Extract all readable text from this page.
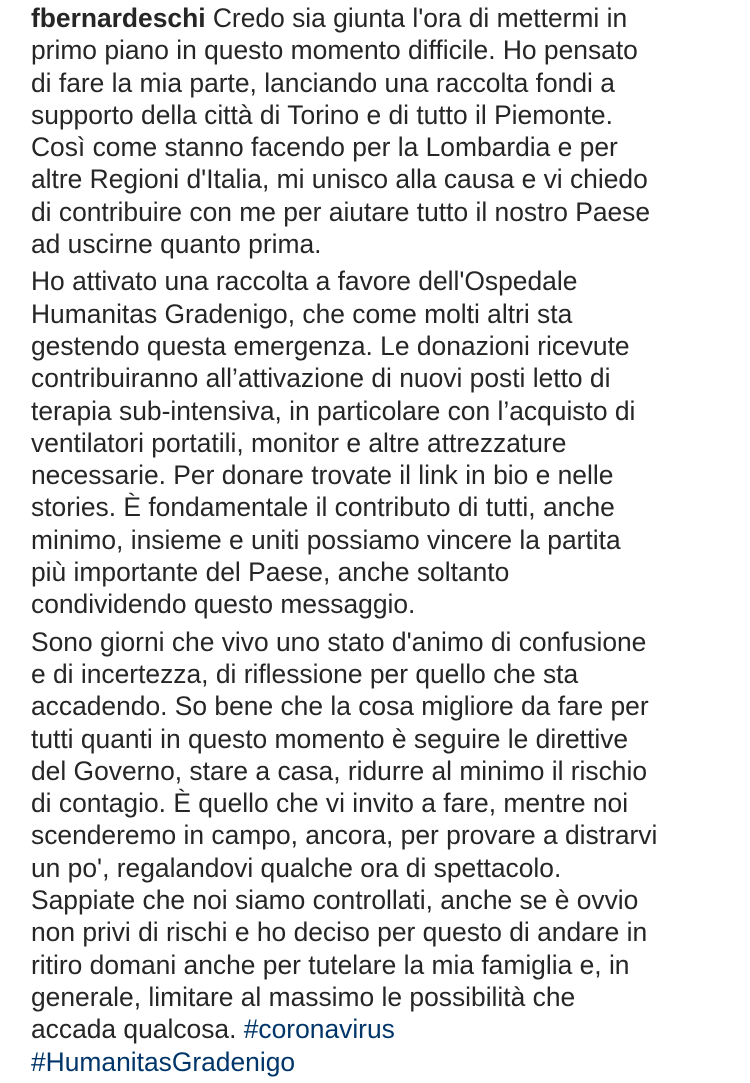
fbernardeschi Credo sia giunta l'ora di mettermi in
primo piano in questo momento difficile. Ho pensato
di fare la mia parte, lanciando una raccolta fondi a
supporto della città di Torino e di tutto il Piemonte.
Così come stanno facendo per la Lombardia e per
altre Regioni d'Italia, mi unisco alla causa e vi chiedo
di contribuire con me per aiutare tutto il nostro Paese
ad uscirne quanto prima.

Ho attivato una raccolta a favore dell'Ospedale
Humanitas Gradenigo, che come molti altri sta
gestendo questa emergenza. Le donazioni ricevute
contribuiranno all’attivazione di nuovi posti letto di
terapia sub-intensiva, in particolare con l’acquisto di
ventilatori portatili, monitor e altre attrezzature
necessarie. Per donare trovate il link in bio e nelle
stories. È fondamentale il contributo di tutti, anche
minimo, insieme e uniti possiamo vincere la partita
più importante del Paese, anche soltanto
condividendo questo messaggio.

Sono giorni che vivo uno stato d'animo di confusione
e di incertezza, di riflessione per quello che sta
accadendo. So bene che la cosa migliore da fare per
tutti quanti in questo momento è seguire le direttive
del Governo, stare a casa, ridurre al minimo il rischio
di contagio. È quello che vi invito a fare, mentre noi
scenderemo in campo, ancora, per provare a distrarvi
un po', regalandovi qualche ora di spettacolo.
Sappiate che noi siamo controllati, anche se è ovvio
non privi di rischi e ho deciso per questo di andare in
ritiro domani anche per tutelare la mia famiglia e, in
generale, limitare al massimo le possibilità che
accada qualcosa. #coronavirus
#HumanitasGradenigo
